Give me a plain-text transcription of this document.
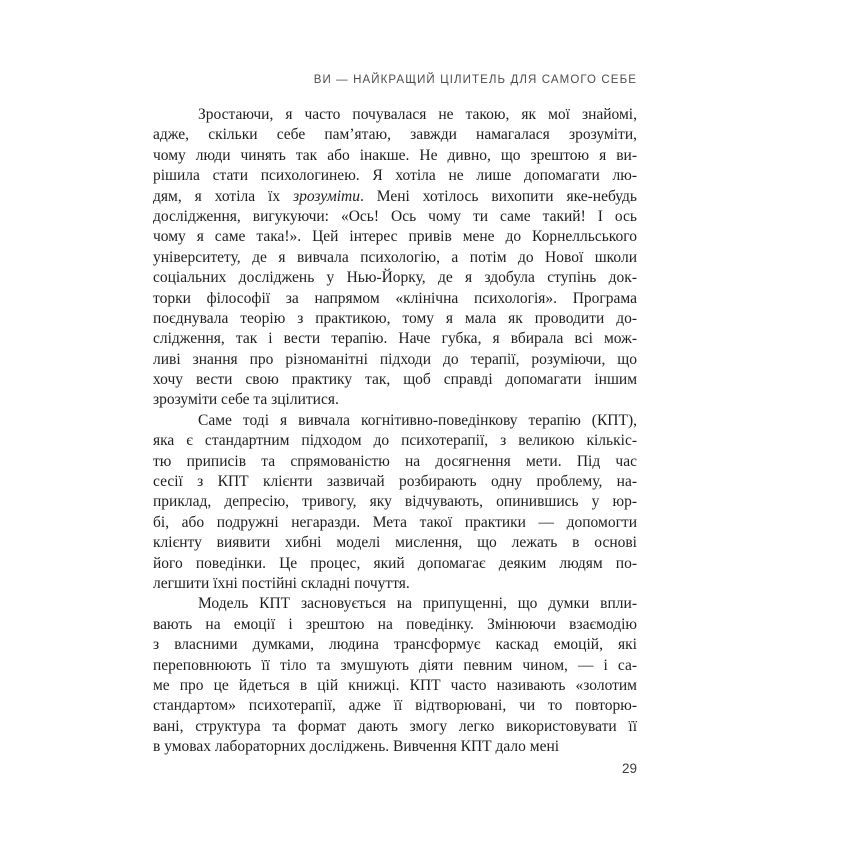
ВИ — НАЙКРАЩИЙ ЦІЛИТЕЛЬ ДЛЯ САМОГО СЕБЕ
Зростаючи, я часто почувалася не такою, як мої знайомі,
адже, скільки себе пам’ятаю, завжди намагалася зрозуміти,
чому люди чинять так або інакше. Не дивно, що зрештою я ви-
рішила стати психологинею. Я хотіла не лише допомагати лю-
дям, я хотіла їх зрозуміти. Мені хотілось вихопити яке-небудь
дослідження, вигукуючи: «Ось! Ось чому ти саме такий! І ось
чому я саме така!». Цей інтерес привів мене до Корнелльського
університету, де я вивчала психологію, а потім до Нової школи
соціальних досліджень у Нью-Йорку, де я здобула ступінь док-
торки філософії за напрямом «клінічна психологія». Програма
поєднувала теорію з практикою, тому я мала як проводити до-
слідження, так і вести терапію. Наче губка, я вбирала всі мож-
ливі знання про різноманітні підходи до терапії, розуміючи, що
хочу вести свою практику так, щоб справді допомагати іншим
зрозуміти себе та зцілитися.
Саме тоді я вивчала когнітивно-поведінкову терапію (КПТ),
яка є стандартним підходом до психотерапії, з великою кількіс-
тю приписів та спрямованістю на досягнення мети. Під час
сесії з КПТ клієнти зазвичай розбирають одну проблему, на-
приклад, депресію, тривогу, яку відчувають, опинившись у юр-
бі, або подружні негаразди. Мета такої практики — допомогти
клієнту виявити хибні моделі мислення, що лежать в основі
його поведінки. Це процес, який допомагає деяким людям по-
легшити їхні постійні складні почуття.
Модель КПТ засновується на припущенні, що думки впли-
вають на емоції і зрештою на поведінку. Змінюючи взаємодію
з власними думками, людина трансформує каскад емоцій, які
переповнюють її тіло та змушують діяти певним чином, — і са-
ме про це йдеться в цій книжці. КПТ часто називають «золотим
стандартом» психотерапії, адже її відтворювані, чи то повторю-
вані, структура та формат дають змогу легко використовувати її
в умовах лабораторних досліджень. Вивчення КПТ дало мені
29
